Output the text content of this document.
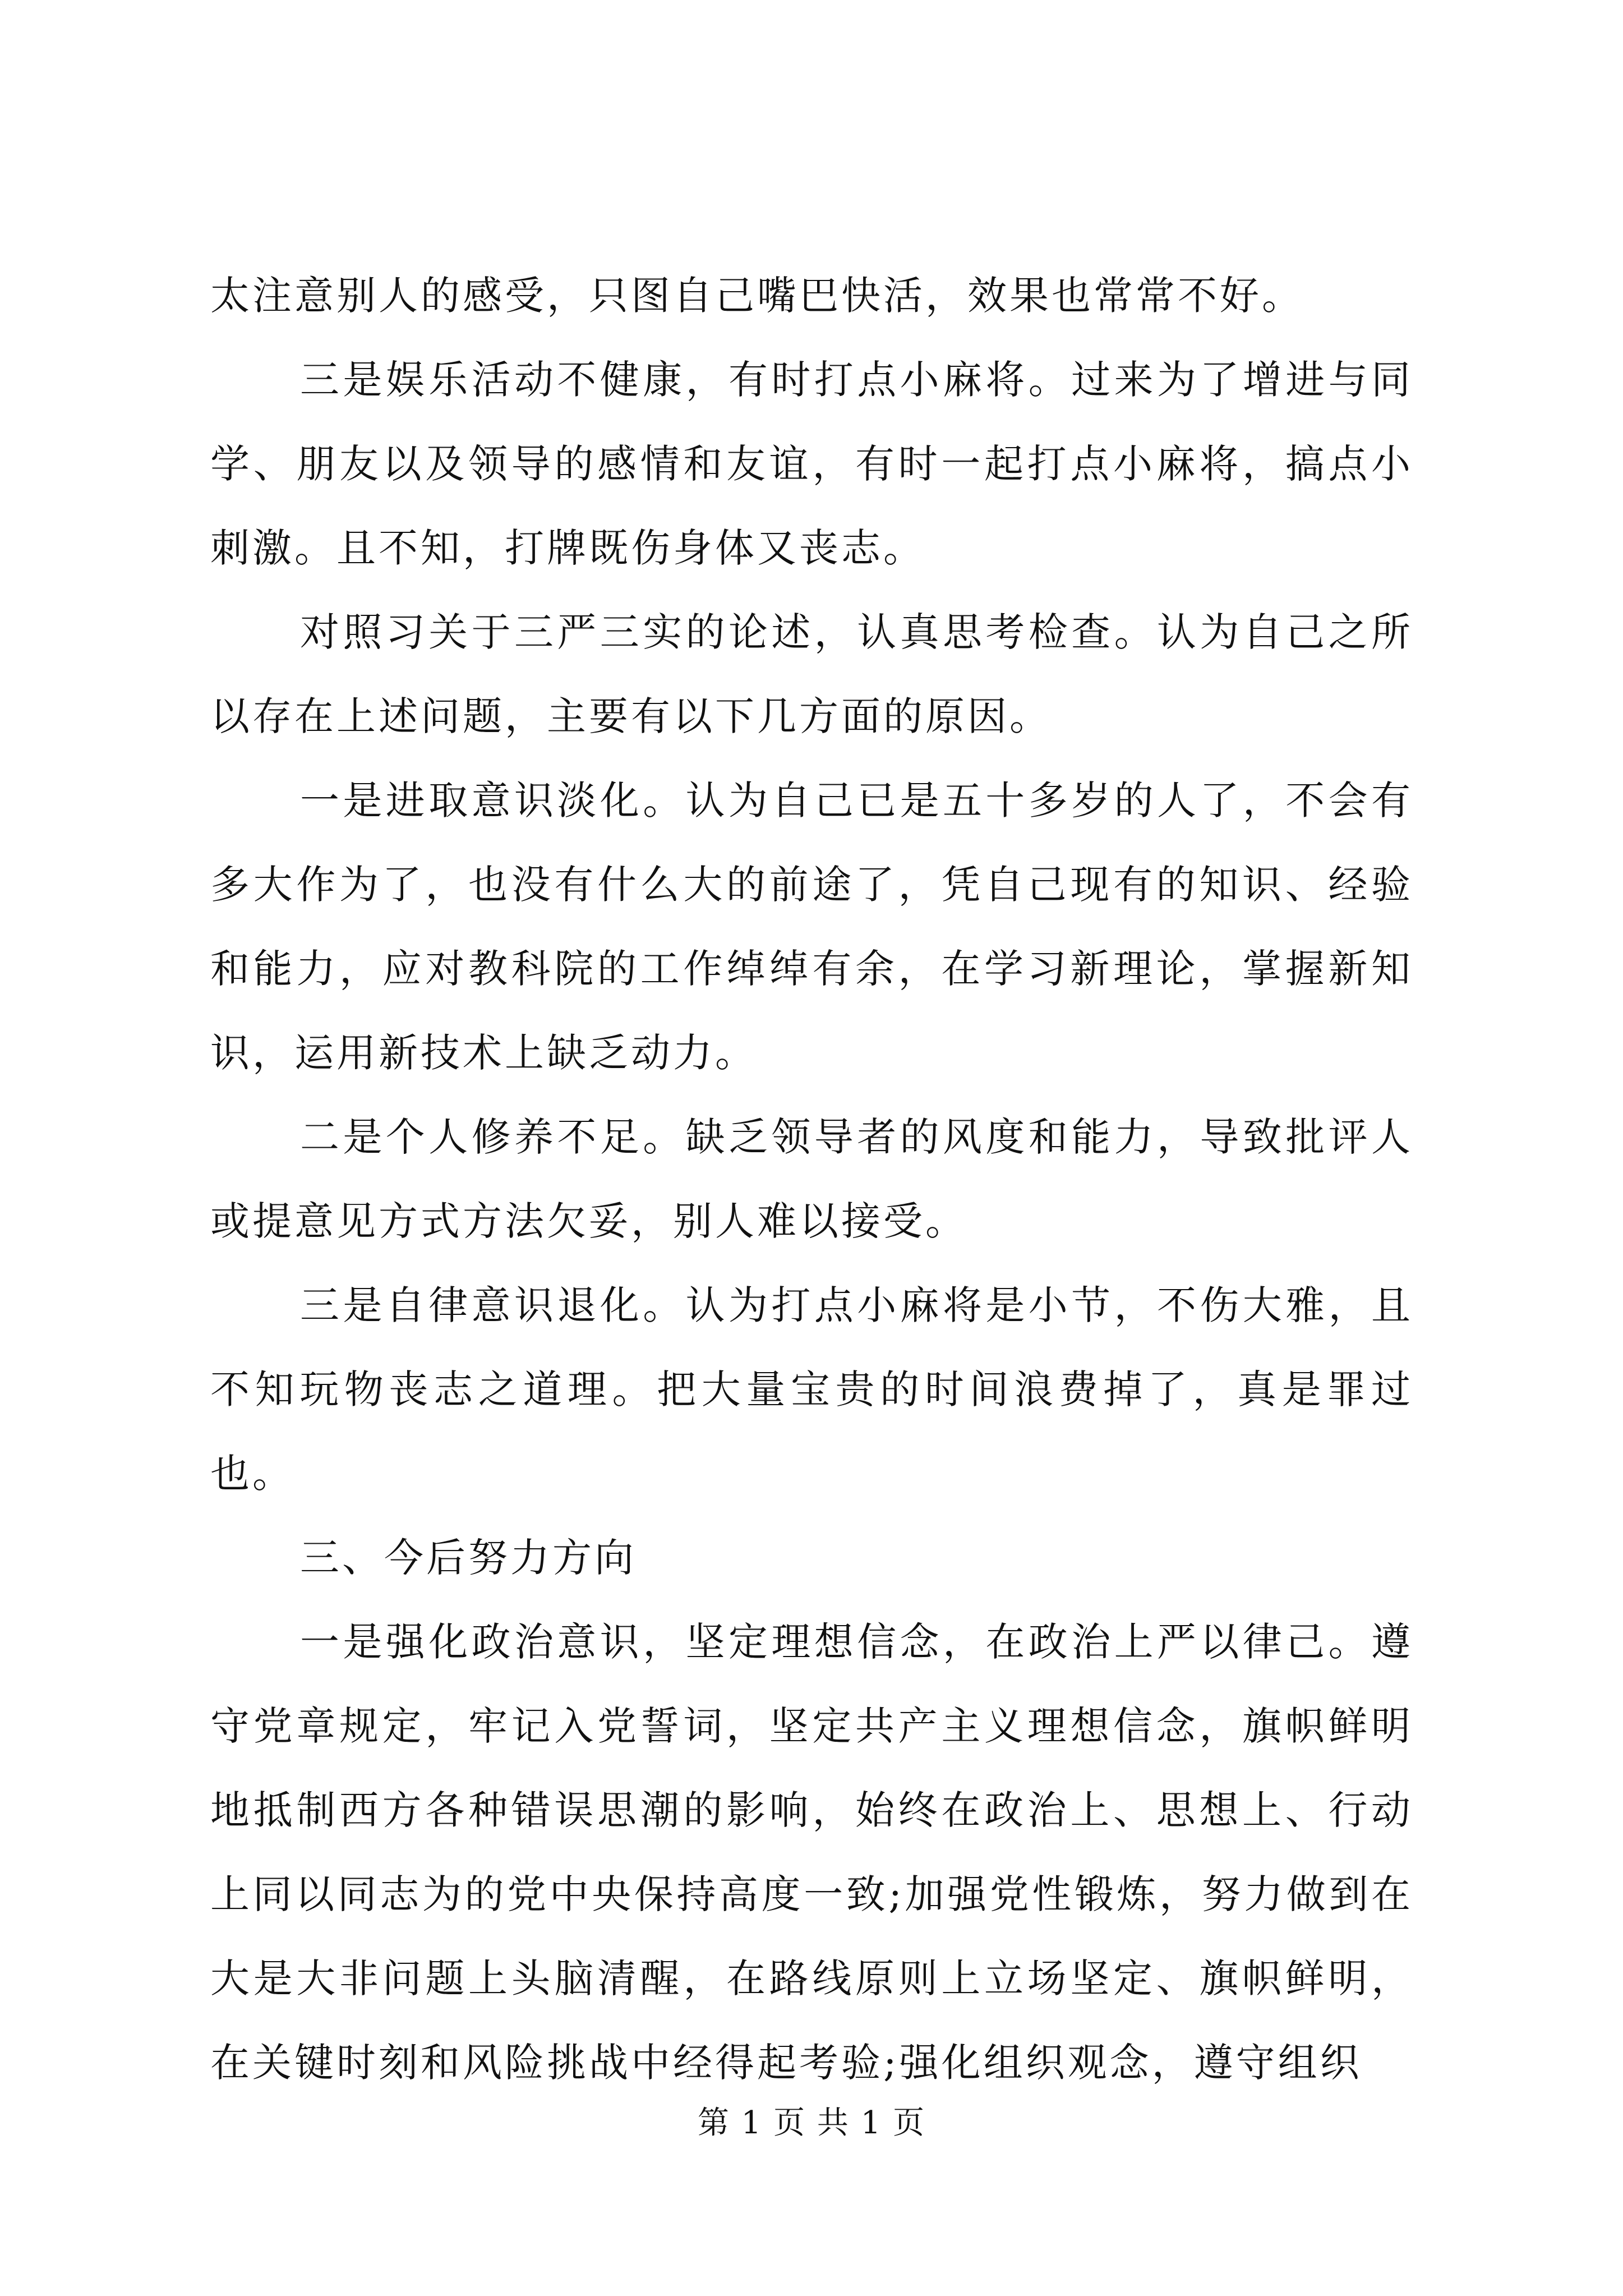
太注意别人的感受，只图自己嘴巴快活，效果也常常不好。

三是娱乐活动不健康，有时打点小麻将。过来为了增进与同学、朋友以及领导的感情和友谊，有时一起打点小麻将，搞点小刺激。且不知，打牌既伤身体又丧志。

对照习关于三严三实的论述，认真思考检查。认为自己之所以存在上述问题，主要有以下几方面的原因。

一是进取意识淡化。认为自己已是五十多岁的人了，不会有多大作为了，也没有什么大的前途了，凭自己现有的知识、经验和能力，应对教科院的工作绰绰有余，在学习新理论，掌握新知识，运用新技术上缺乏动力。

二是个人修养不足。缺乏领导者的风度和能力，导致批评人或提意见方式方法欠妥，别人难以接受。

三是自律意识退化。认为打点小麻将是小节，不伤大雅，且不知玩物丧志之道理。把大量宝贵的时间浪费掉了，真是罪过也。

三、今后努力方向

一是强化政治意识，坚定理想信念，在政治上严以律己。遵守党章规定，牢记入党誓词，坚定共产主义理想信念，旗帜鲜明地抵制西方各种错误思潮的影响，始终在政治上、思想上、行动上同以同志为的党中央保持高度一致;加强党性锻炼，努力做到在大是大非问题上头脑清醒，在路线原则上立场坚定、旗帜鲜明，在关键时刻和风险挑战中经得起考验;强化组织观念，遵守组织

第 1 页 共 1 页
